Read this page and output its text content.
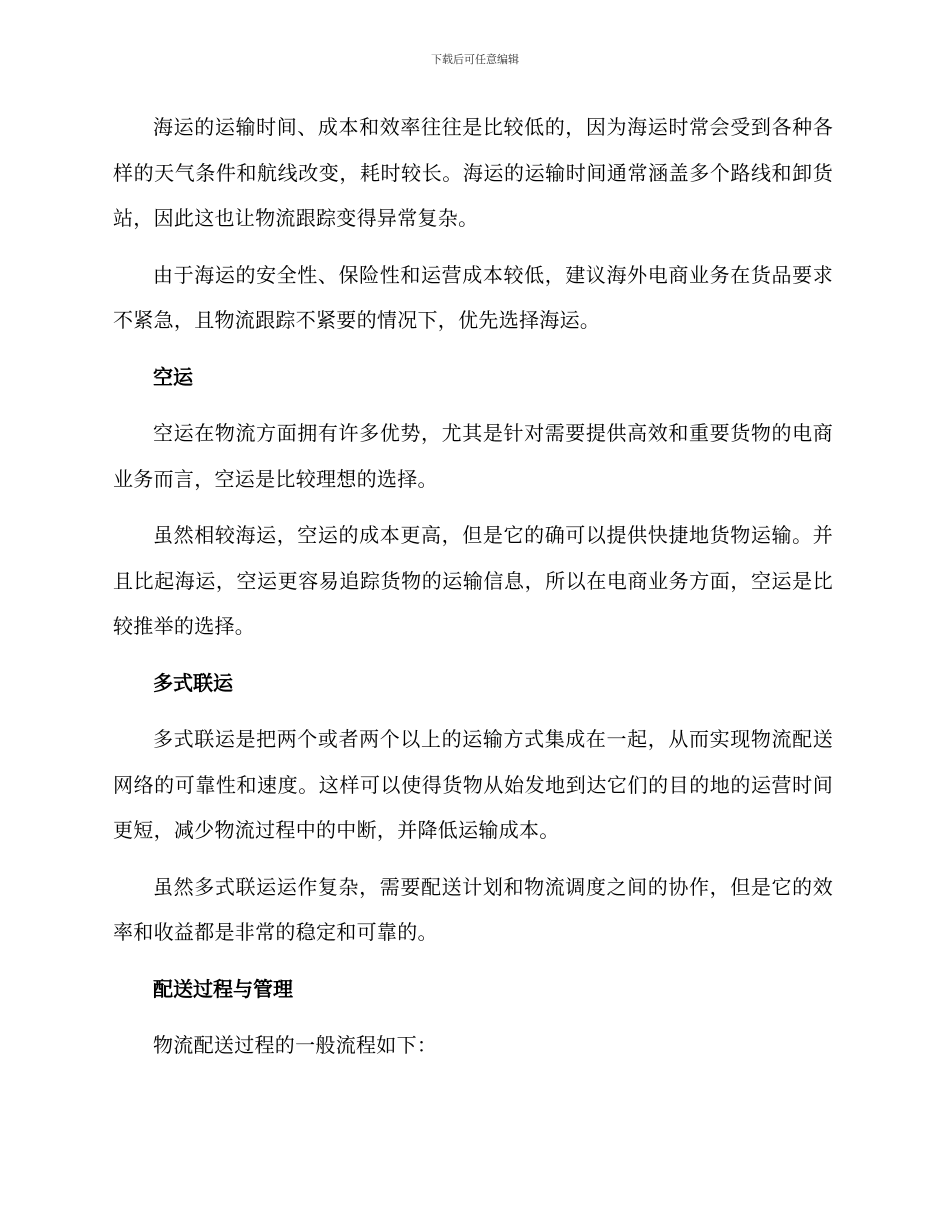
下载后可任意编辑

海运的运输时间、成本和效率往往是比较低的，因为海运时常会受到各种各样的天气条件和航线改变，耗时较长。海运的运输时间通常涵盖多个路线和卸货站，因此这也让物流跟踪变得异常复杂。

由于海运的安全性、保险性和运营成本较低，建议海外电商业务在货品要求不紧急，且物流跟踪不紧要的情况下，优先选择海运。

空运

空运在物流方面拥有许多优势，尤其是针对需要提供高效和重要货物的电商业务而言，空运是比较理想的选择。

虽然相较海运，空运的成本更高，但是它的确可以提供快捷地货物运输。并且比起海运，空运更容易追踪货物的运输信息，所以在电商业务方面，空运是比较推举的选择。

多式联运

多式联运是把两个或者两个以上的运输方式集成在一起，从而实现物流配送网络的可靠性和速度。这样可以使得货物从始发地到达它们的目的地的运营时间更短，减少物流过程中的中断，并降低运输成本。

虽然多式联运运作复杂，需要配送计划和物流调度之间的协作，但是它的效率和收益都是非常的稳定和可靠的。

配送过程与管理

物流配送过程的一般流程如下：
